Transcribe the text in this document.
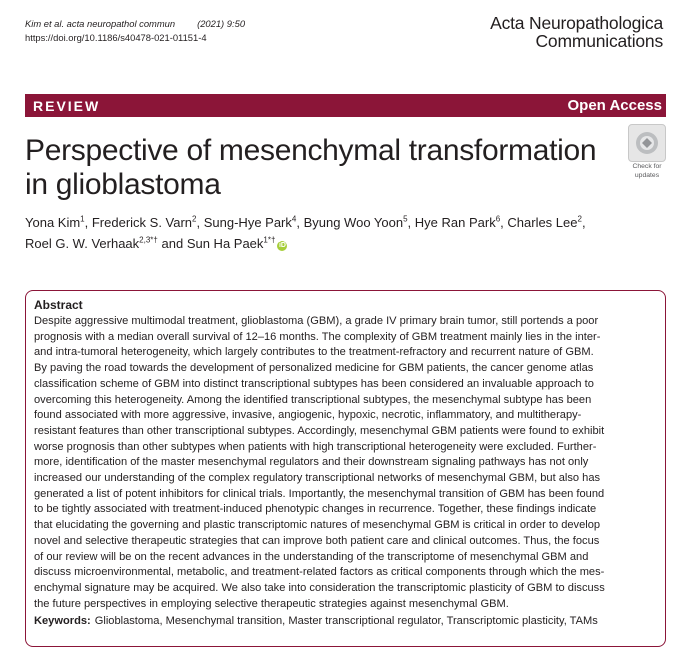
Kim et al. acta neuropathol commun (2021) 9:50
https://doi.org/10.1186/s40478-021-01151-4
Acta Neuropathologica
Communications
REVIEW	Open Access
Perspective of mesenchymal transformation
in glioblastoma
Check for
updates
Yona Kim$^1$, Frederick S. Varn$^2$, Sung-Hye Park$^4$, Byung Woo Yoon$^5$, Hye Ran Park$^6$, Charles Lee$^2$,
Roel G. W. Verhaak$^{2,3*\dagger}$ and Sun Ha Paek$^{1*\dagger}$iD
Abstract
Despite aggressive multimodal treatment, glioblastoma (GBM), a grade IV primary brain tumor, still portends a poor
prognosis with a median overall survival of 12–16 months. The complexity of GBM treatment mainly lies in the inter-
and intra-tumoral heterogeneity, which largely contributes to the treatment-refractory and recurrent nature of GBM.
By paving the road towards the development of personalized medicine for GBM patients, the cancer genome atlas
classification scheme of GBM into distinct transcriptional subtypes has been considered an invaluable approach to
overcoming this heterogeneity. Among the identified transcriptional subtypes, the mesenchymal subtype has been
found associated with more aggressive, invasive, angiogenic, hypoxic, necrotic, inflammatory, and multitherapy-
resistant features than other transcriptional subtypes. Accordingly, mesenchymal GBM patients were found to exhibit
worse prognosis than other subtypes when patients with high transcriptional heterogeneity were excluded. Further-
more, identification of the master mesenchymal regulators and their downstream signaling pathways has not only
increased our understanding of the complex regulatory transcriptional networks of mesenchymal GBM, but also has
generated a list of potent inhibitors for clinical trials. Importantly, the mesenchymal transition of GBM has been found
to be tightly associated with treatment-induced phenotypic changes in recurrence. Together, these findings indicate
that elucidating the governing and plastic transcriptomic natures of mesenchymal GBM is critical in order to develop
novel and selective therapeutic strategies that can improve both patient care and clinical outcomes. Thus, the focus
of our review will be on the recent advances in the understanding of the transcriptome of mesenchymal GBM and
discuss microenvironmental, metabolic, and treatment-related factors as critical components through which the mes-
enchymal signature may be acquired. We also take into consideration the transcriptomic plasticity of GBM to discuss
the future perspectives in employing selective therapeutic strategies against mesenchymal GBM.
Keywords: Glioblastoma, Mesenchymal transition, Master transcriptional regulator, Transcriptomic plasticity, TAMs
